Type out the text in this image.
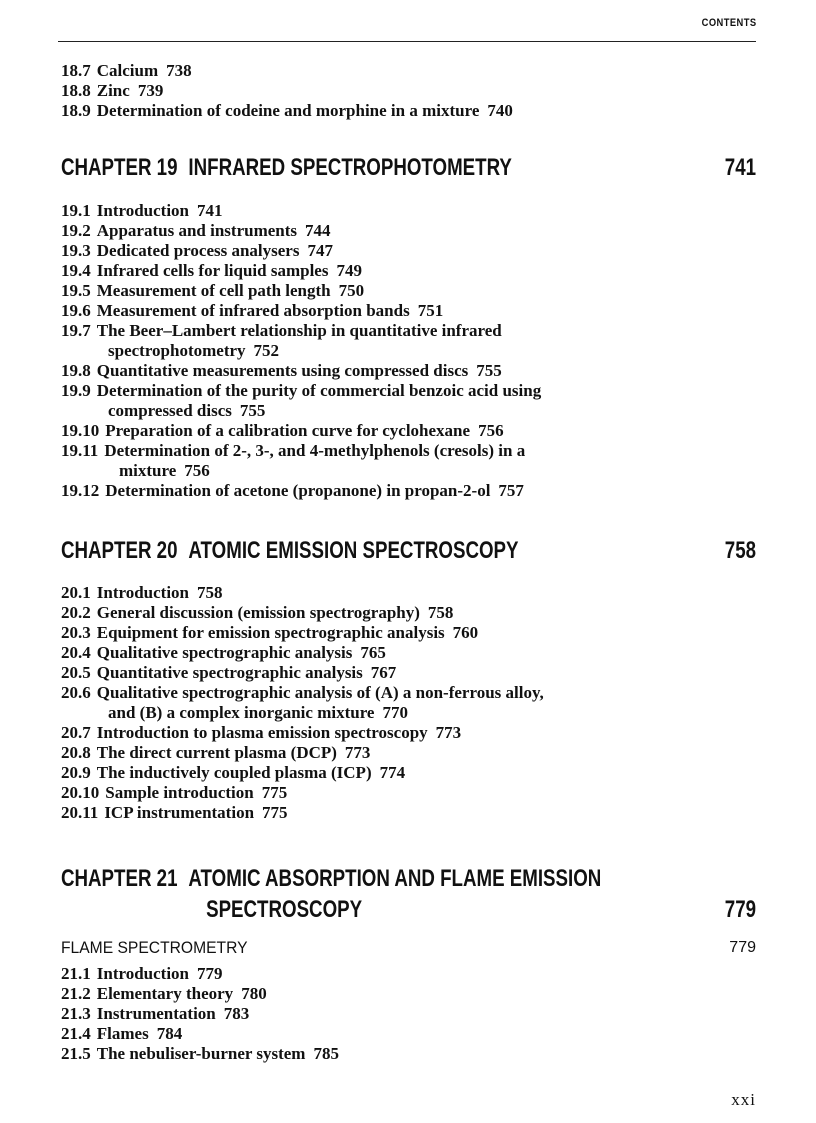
CONTENTS
18.7 Calcium 738
18.8 Zinc 739
18.9 Determination of codeine and morphine in a mixture 740
CHAPTER 19 INFRARED SPECTROPHOTOMETRY	741
19.1 Introduction 741
19.2 Apparatus and instruments 744
19.3 Dedicated process analysers 747
19.4 Infrared cells for liquid samples 749
19.5 Measurement of cell path length 750
19.6 Measurement of infrared absorption bands 751
19.7 The Beer–Lambert relationship in quantitative infrared
spectrophotometry 752
19.8 Quantitative measurements using compressed discs 755
19.9 Determination of the purity of commercial benzoic acid using
compressed discs 755
19.10 Preparation of a calibration curve for cyclohexane 756
19.11 Determination of 2-, 3-, and 4-methylphenols (cresols) in a
mixture 756
19.12 Determination of acetone (propanone) in propan-2-ol 757
CHAPTER 20 ATOMIC EMISSION SPECTROSCOPY	758
20.1 Introduction 758
20.2 General discussion (emission spectrography) 758
20.3 Equipment for emission spectrographic analysis 760
20.4 Qualitative spectrographic analysis 765
20.5 Quantitative spectrographic analysis 767
20.6 Qualitative spectrographic analysis of (A) a non-ferrous alloy,
and (B) a complex inorganic mixture 770
20.7 Introduction to plasma emission spectroscopy 773
20.8 The direct current plasma (DCP) 773
20.9 The inductively coupled plasma (ICP) 774
20.10 Sample introduction 775
20.11 ICP instrumentation 775
CHAPTER 21 ATOMIC ABSORPTION AND FLAME EMISSION
SPECTROSCOPY	779
FLAME SPECTROMETRY	779
21.1 Introduction 779
21.2 Elementary theory 780
21.3 Instrumentation 783
21.4 Flames 784
21.5 The nebuliser-burner system 785
xxi
